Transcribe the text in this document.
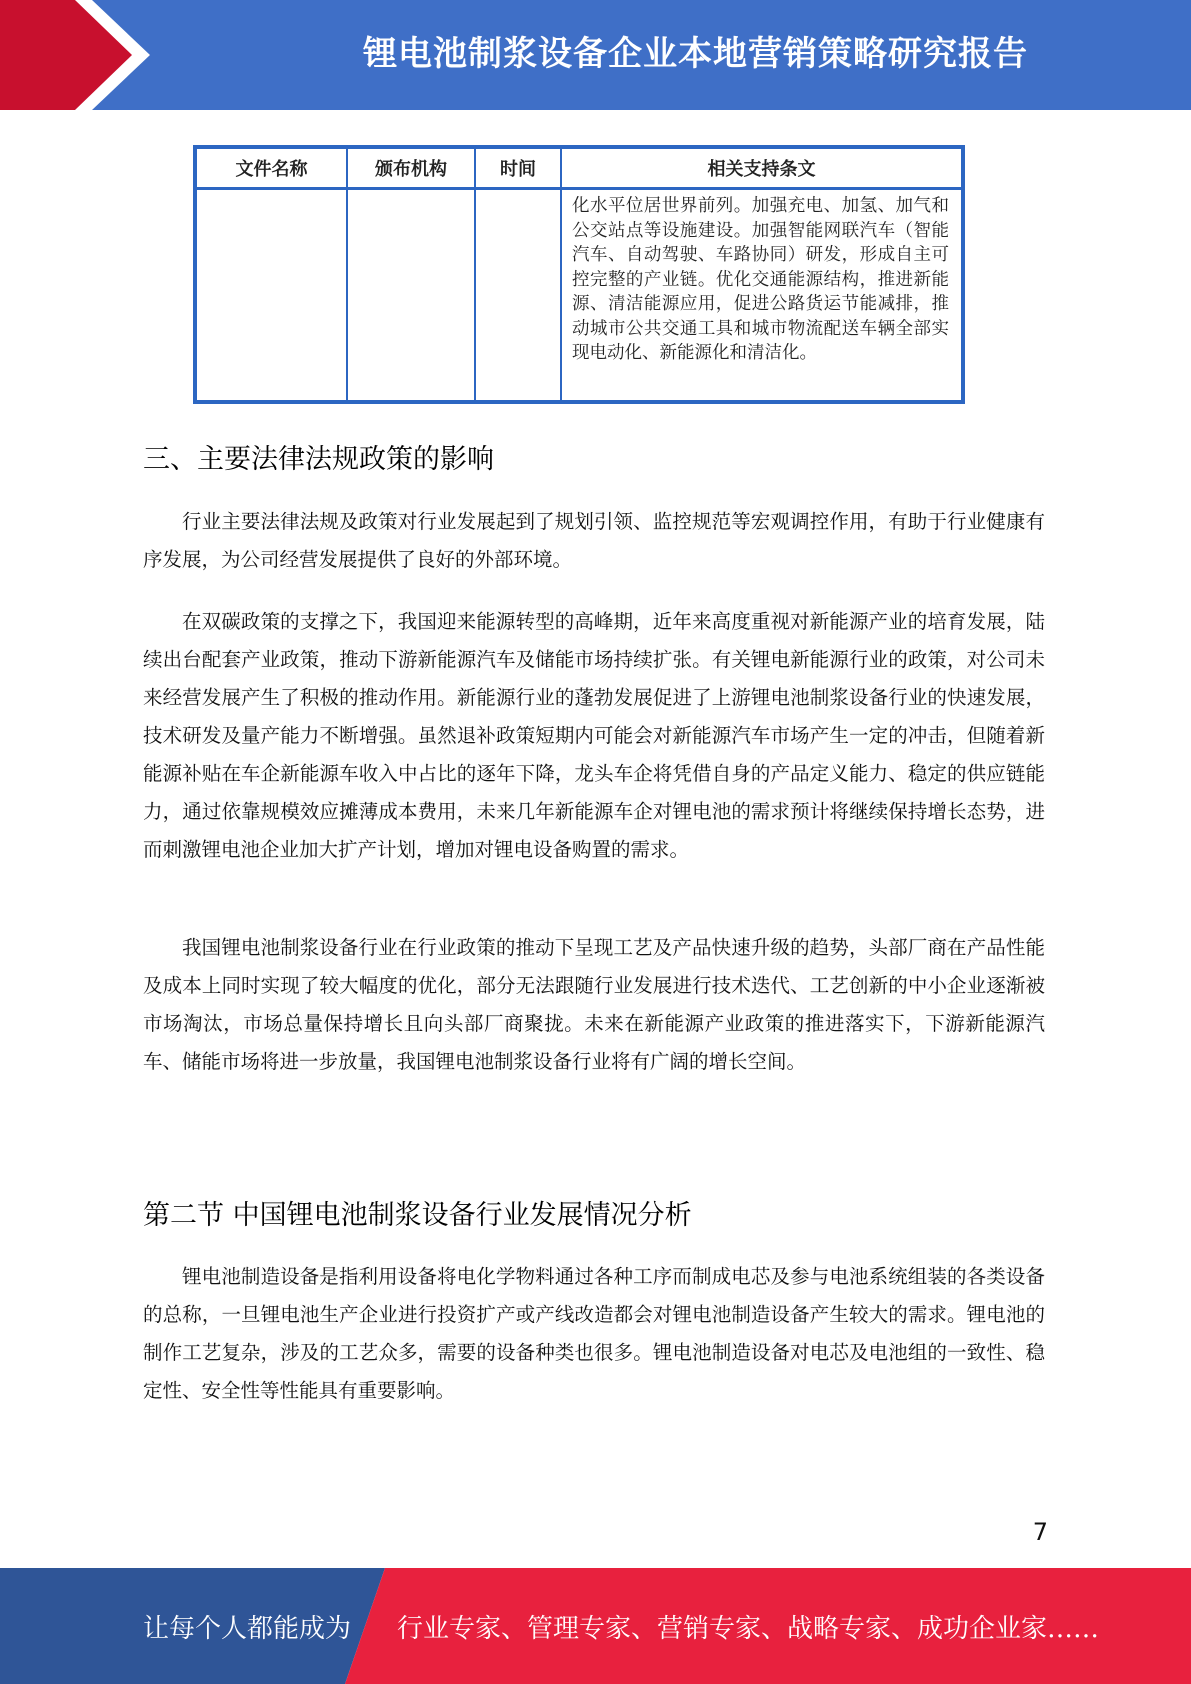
锂电池制浆设备企业本地营销策略研究报告
文件名称	颁布机构	时间	相关支持条文
			化水平位居世界前列。加强充电、加氢、加气和公交站点等设施建设。加强智能网联汽车（智能汽车、自动驾驶、车路协同）研发，形成自主可控完整的产业链。优化交通能源结构，推进新能源、清洁能源应用，促进公路货运节能减排，推动城市公共交通工具和城市物流配送车辆全部实现电动化、新能源化和清洁化。
三、主要法律法规政策的影响

行业主要法律法规及政策对行业发展起到了规划引领、监控规范等宏观调控作用，有助于行业健康有序发展，为公司经营发展提供了良好的外部环境。

在双碳政策的支撑之下，我国迎来能源转型的高峰期，近年来高度重视对新能源产业的培育发展，陆续出台配套产业政策，推动下游新能源汽车及储能市场持续扩张。有关锂电新能源行业的政策，对公司未来经营发展产生了积极的推动作用。新能源行业的蓬勃发展促进了上游锂电池制浆设备行业的快速发展，技术研发及量产能力不断增强。虽然退补政策短期内可能会对新能源汽车市场产生一定的冲击，但随着新能源补贴在车企新能源车收入中占比的逐年下降，龙头车企将凭借自身的产品定义能力、稳定的供应链能力，通过依靠规模效应摊薄成本费用，未来几年新能源车企对锂电池的需求预计将继续保持增长态势，进而刺激锂电池企业加大扩产计划，增加对锂电设备购置的需求。

我国锂电池制浆设备行业在行业政策的推动下呈现工艺及产品快速升级的趋势，头部厂商在产品性能及成本上同时实现了较大幅度的优化，部分无法跟随行业发展进行技术迭代、工艺创新的中小企业逐渐被市场淘汰，市场总量保持增长且向头部厂商聚拢。未来在新能源产业政策的推进落实下，下游新能源汽车、储能市场将进一步放量，我国锂电池制浆设备行业将有广阔的增长空间。

第二节 中国锂电池制浆设备行业发展情况分析

锂电池制造设备是指利用设备将电化学物料通过各种工序而制成电芯及参与电池系统组装的各类设备的总称，一旦锂电池生产企业进行投资扩产或产线改造都会对锂电池制造设备产生较大的需求。锂电池的制作工艺复杂，涉及的工艺众多，需要的设备种类也很多。锂电池制造设备对电芯及电池组的一致性、稳定性、安全性等性能具有重要影响。

7
让每个人都能成为 行业专家、管理专家、营销专家、战略专家、成功企业家……
